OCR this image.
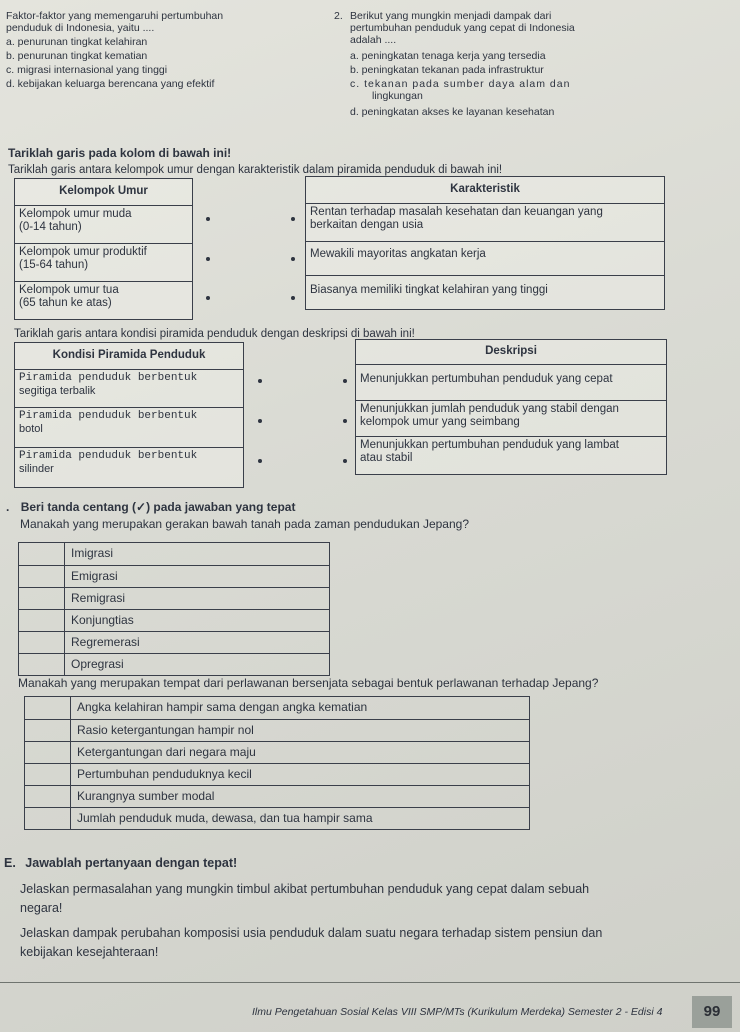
Faktor-faktor yang memengaruhi pertumbuhan
penduduk di Indonesia, yaitu ....
a. penurunan tingkat kelahiran
b. penurunan tingkat kematian
c. migrasi internasional yang tinggi
d. kebijakan keluarga berencana yang efektif
2. Berikut yang mungkin menjadi dampak dari
pertumbuhan penduduk yang cepat di Indonesia
adalah ....
a. peningkatan tenaga kerja yang tersedia
b. peningkatan tekanan pada infrastruktur
c. tekanan pada sumber daya alam dan
lingkungan
d. peningkatan akses ke layanan kesehatan
Tariklah garis pada kolom di bawah ini!
Tariklah garis antara kelompok umur dengan karakteristik dalam piramida penduduk di bawah ini!
Kelompok Umur
Kelompok umur muda
(0-14 tahun)
Kelompok umur produktif
(15-64 tahun)
Kelompok umur tua
(65 tahun ke atas)
Karakteristik
Rentan terhadap masalah kesehatan dan keuangan yang
berkaitan dengan usia
Mewakili mayoritas angkatan kerja
Biasanya memiliki tingkat kelahiran yang tinggi
Tariklah garis antara kondisi piramida penduduk dengan deskripsi di bawah ini!
Kondisi Piramida Penduduk
Piramida penduduk berbentuk
segitiga terbalik
Piramida penduduk berbentuk
botol
Piramida penduduk berbentuk
silinder
Deskripsi
Menunjukkan pertumbuhan penduduk yang cepat
Menunjukkan jumlah penduduk yang stabil dengan
kelompok umur yang seimbang
Menunjukkan pertumbuhan penduduk yang lambat
atau stabil
. Beri tanda centang (✓) pada jawaban yang tepat
Manakah yang merupakan gerakan bawah tanah pada zaman pendudukan Jepang?
Imigrasi
Emigrasi
Remigrasi
Konjungtias
Regremerasi
Opregrasi
Manakah yang merupakan tempat dari perlawanan bersenjata sebagai bentuk perlawanan terhadap Jepang?
Angka kelahiran hampir sama dengan angka kematian
Rasio ketergantungan hampir nol
Ketergantungan dari negara maju
Pertumbuhan penduduknya kecil
Kurangnya sumber modal
Jumlah penduduk muda, dewasa, dan tua hampir sama
E. Jawablah pertanyaan dengan tepat!
Jelaskan permasalahan yang mungkin timbul akibat pertumbuhan penduduk yang cepat dalam sebuah
negara!
Jelaskan dampak perubahan komposisi usia penduduk dalam suatu negara terhadap sistem pensiun dan
kebijakan kesejahteraan!
Ilmu Pengetahuan Sosial Kelas VIII SMP/MTs (Kurikulum Merdeka) Semester 2 - Edisi 4	99
